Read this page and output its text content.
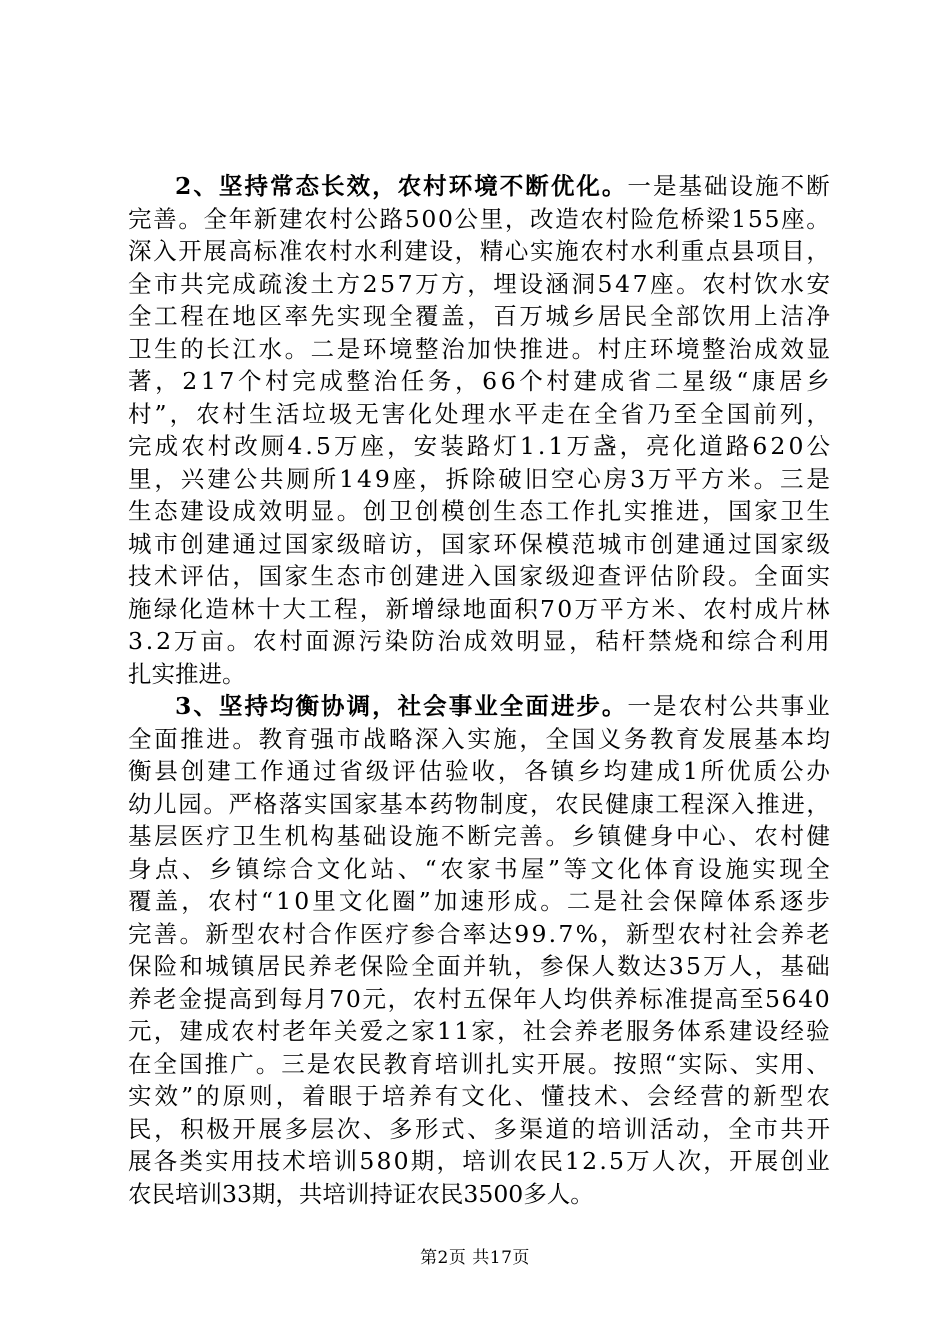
2 、 坚 持 常 态 长 效 ， 农 村 环 境 不 断 优 化 。 一 是 基 础 设 施 不 断
完 善 。 全 年 新 建 农 村 公 路 5 0 0 公 里 ， 改 造 农 村 险 危 桥 梁 1 5 5 座 。
深 入 开 展 高 标 准 农 村 水 利 建 设 ， 精 心 实 施 农 村 水 利 重 点 县 项 目 ，
全 市 共 完 成 疏 浚 土 方 2 5 7 万 方 ， 埋 设 涵 洞 5 4 7 座 。 农 村 饮 水 安
全 工 程 在 地 区 率 先 实 现 全 覆 盖 ， 百 万 城 乡 居 民 全 部 饮 用 上 洁 净
卫 生 的 长 江 水 。 二 是 环 境 整 治 加 快 推 进 。 村 庄 环 境 整 治 成 效 显
著 ， 2 1 7 个 村 完 成 整 治 任 务 ， 6 6 个 村 建 成 省 二 星 级 “ 康 居 乡
村 ” ， 农 村 生 活 垃 圾 无 害 化 处 理 水 平 走 在 全 省 乃 至 全 国 前 列 ，
完 成 农 村 改 厕 4 . 5 万 座 ， 安 装 路 灯 1 . 1 万 盏 ， 亮 化 道 路 6 2 0 公
里 ， 兴 建 公 共 厕 所 1 4 9 座 ， 拆 除 破 旧 空 心 房 3 万 平 方 米 。 三 是
生 态 建 设 成 效 明 显 。 创 卫 创 模 创 生 态 工 作 扎 实 推 进 ， 国 家 卫 生
城 市 创 建 通 过 国 家 级 暗 访 ， 国 家 环 保 模 范 城 市 创 建 通 过 国 家 级
技 术 评 估 ， 国 家 生 态 市 创 建 进 入 国 家 级 迎 查 评 估 阶 段 。 全 面 实
施 绿 化 造 林 十 大 工 程 ， 新 增 绿 地 面 积 7 0 万 平 方 米 、 农 村 成 片 林
3 . 2 万 亩 。 农 村 面 源 污 染 防 治 成 效 明 显 ， 秸 杆 禁 烧 和 综 合 利 用
扎 实 推 进 。
3 、 坚 持 均 衡 协 调 ， 社 会 事 业 全 面 进 步 。 一 是 农 村 公 共 事 业
全 面 推 进 。 教 育 强 市 战 略 深 入 实 施 ， 全 国 义 务 教 育 发 展 基 本 均
衡 县 创 建 工 作 通 过 省 级 评 估 验 收 ， 各 镇 乡 均 建 成 1 所 优 质 公 办
幼 儿 园 。 严 格 落 实 国 家 基 本 药 物 制 度 ， 农 民 健 康 工 程 深 入 推 进 ，
基 层 医 疗 卫 生 机 构 基 础 设 施 不 断 完 善 。 乡 镇 健 身 中 心 、 农 村 健
身 点 、 乡 镇 综 合 文 化 站 、 “ 农 家 书 屋 ” 等 文 化 体 育 设 施 实 现 全
覆 盖 ， 农 村 “ 1 0 里 文 化 圈 ” 加 速 形 成 。 二 是 社 会 保 障 体 系 逐 步
完 善 。 新 型 农 村 合 作 医 疗 参 合 率 达 9 9 . 7 % ， 新 型 农 村 社 会 养 老
保 险 和 城 镇 居 民 养 老 保 险 全 面 并 轨 ， 参 保 人 数 达 3 5 万 人 ， 基 础
养 老 金 提 高 到 每 月 7 0 元 ， 农 村 五 保 年 人 均 供 养 标 准 提 高 至 5 6 4 0
元 ， 建 成 农 村 老 年 关 爱 之 家 1 1 家 ， 社 会 养 老 服 务 体 系 建 设 经 验
在 全 国 推 广 。 三 是 农 民 教 育 培 训 扎 实 开 展 。 按 照 “ 实 际 、 实 用 、
实 效 ” 的 原 则 ， 着 眼 于 培 养 有 文 化 、 懂 技 术 、 会 经 营 的 新 型 农
民 ， 积 极 开 展 多 层 次 、 多 形 式 、 多 渠 道 的 培 训 活 动 ， 全 市 共 开
展 各 类 实 用 技 术 培 训 5 8 0 期 ， 培 训 农 民 1 2 . 5 万 人 次 ， 开 展 创 业
农 民 培 训 3 3 期 ， 共 培 训 持 证 农 民 3 5 0 0 多 人 。
第2页 共17页
